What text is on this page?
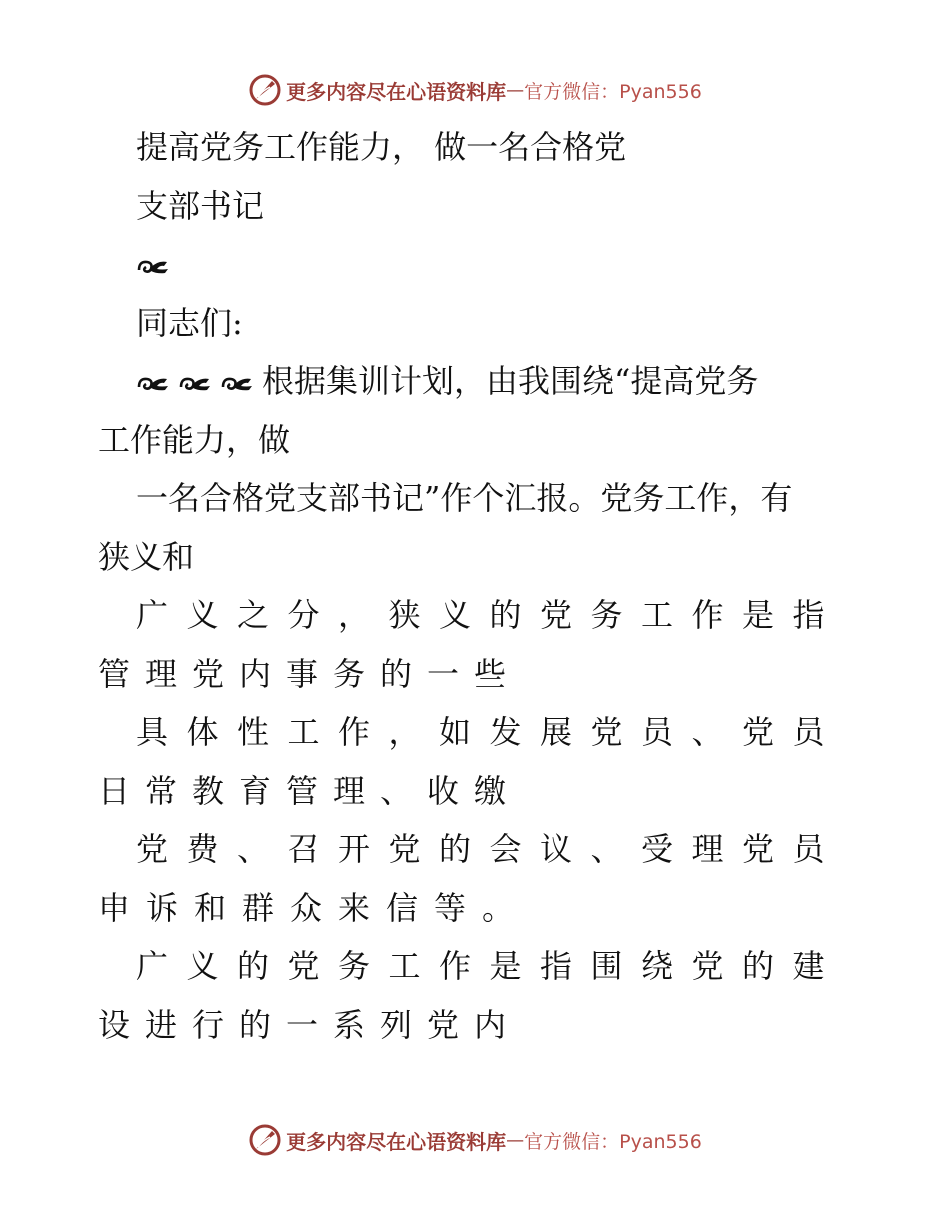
更多内容尽在心语资料库 — 官方微信：Pyan556

提高党务工作能力， 做一名合格党

支部书记

同志们:

根据集训计划，由我围绕“提高党务

工作能力，做

一名合格党支部书记”作个汇报。党务工作，有

狭义和

广义之分，狭义的党务工作是指

管理党内事务的一些

具体性工作，如发展党员、党员

日常教育管理、收缴

党费、召开党的会议、受理党员

申诉和群众来信等。

广义的党务工作是指围绕党的建

设进行的一系列党内

更多内容尽在心语资料库 — 官方微信：Pyan556
